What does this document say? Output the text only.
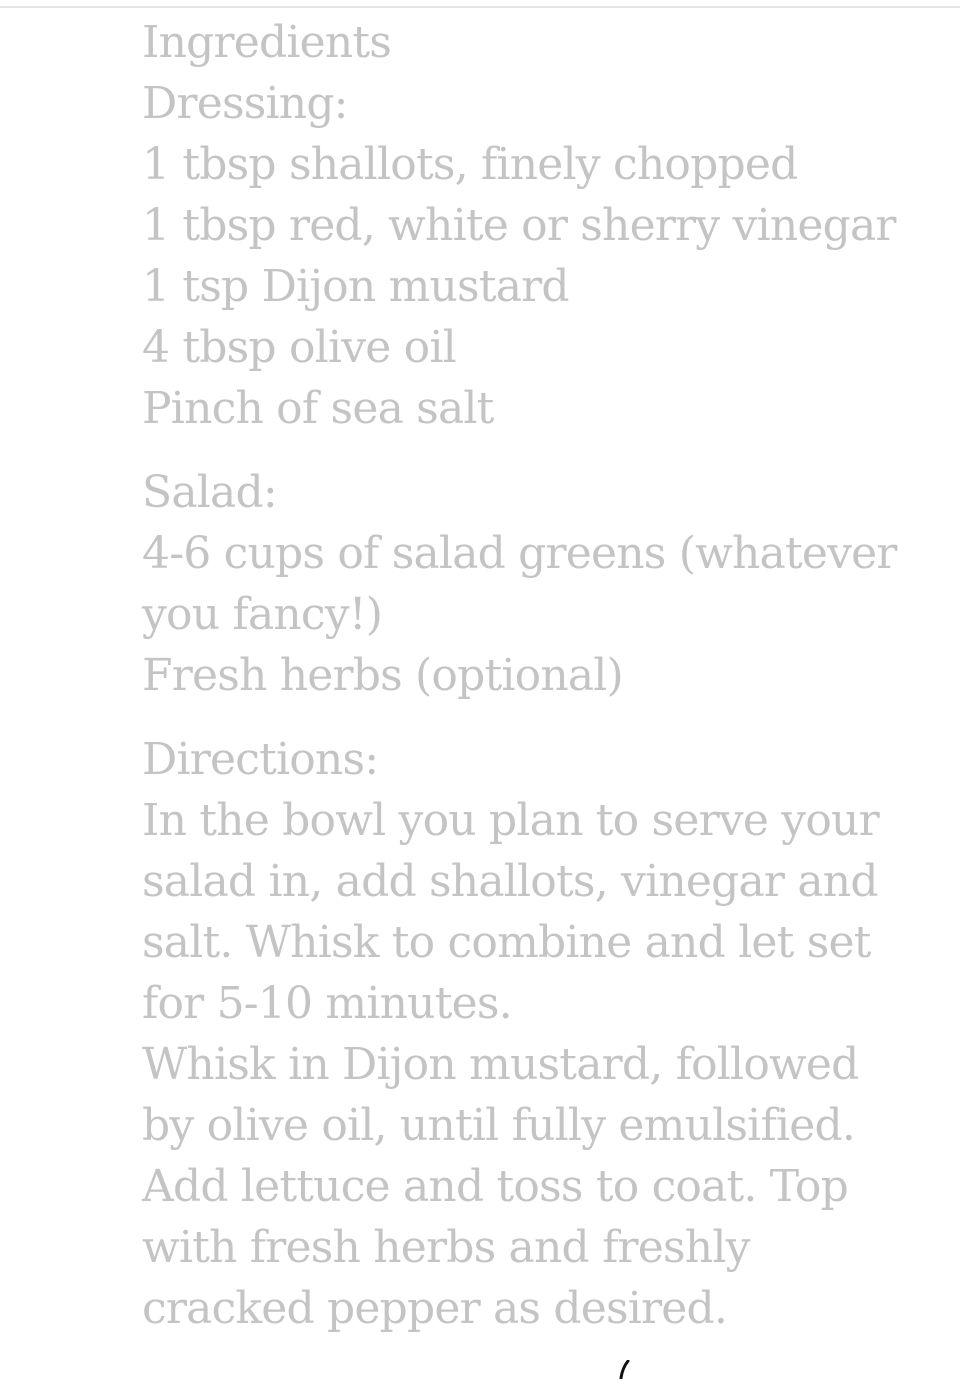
Ingredients
Dressing:
1 tbsp shallots, finely chopped
1 tbsp red, white or sherry vinegar
1 tsp Dijon mustard
4 tbsp olive oil
Pinch of sea salt
Salad:
4-6 cups of salad greens (whatever
you fancy!)
Fresh herbs (optional)
Directions:
In the bowl you plan to serve your
salad in, add shallots, vinegar and
salt. Whisk to combine and let set
for 5-10 minutes.
Whisk in Dijon mustard, followed
by olive oil, until fully emulsified.
Add lettuce and toss to coat. Top
with fresh herbs and freshly
cracked pepper as desired.
